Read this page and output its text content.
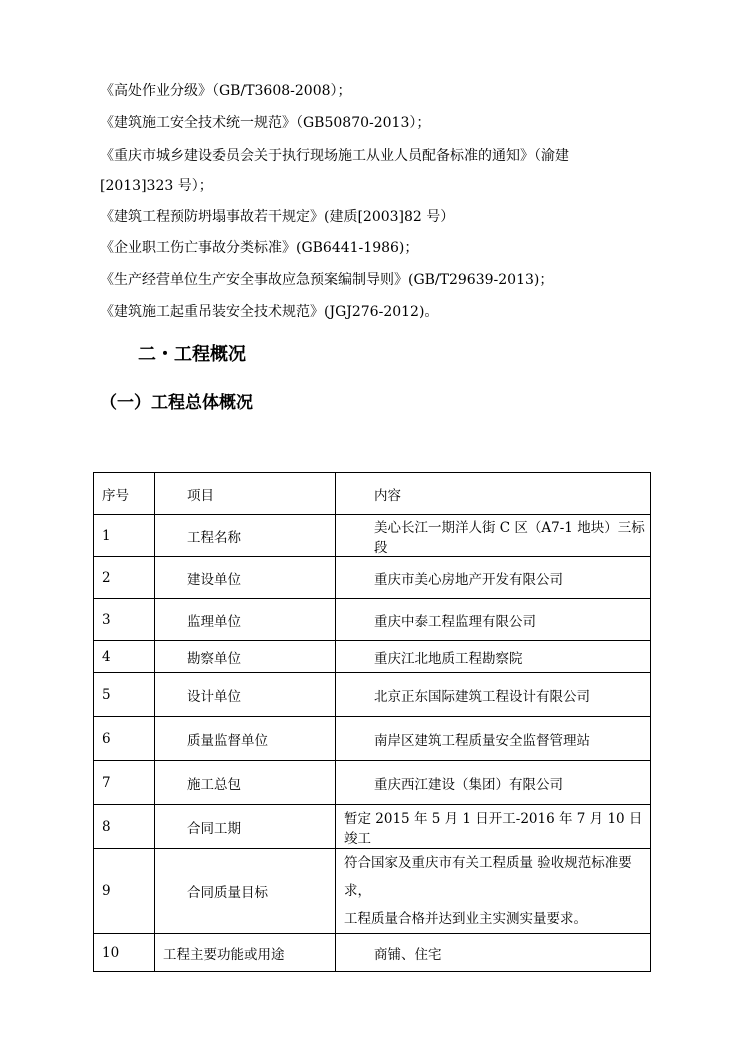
《高处作业分级》（GB/T3608-2008）；
《建筑施工安全技术统一规范》（GB50870-2013）；
《重庆市城乡建设委员会关于执行现场施工从业人员配备标准的通知》（渝建
[2013]323 号）；
《建筑工程预防坍塌事故若干规定》(建质[2003]82 号）
《企业职工伤亡事故分类标准》(GB6441-1986)；
《生产经营单位生产安全事故应急预案编制导则》(GB/T29639-2013)；
《建筑施工起重吊装安全技术规范》(JGJ276-2012)。
二・工程概况
（一）工程总体概况
序号	项目	内容
1	工程名称	美心长江一期洋人街 C 区（A7-1 地块）三标段
2	建设单位	重庆市美心房地产开发有限公司
3	监理单位	重庆中泰工程监理有限公司
4	勘察单位	重庆江北地质工程勘察院
5	设计单位	北京正东国际建筑工程设计有限公司
6	质量监督单位	南岸区建筑工程质量安全监督管理站
7	施工总包	重庆西江建设（集团）有限公司
8	合同工期	暂定 2015 年 5 月 1 日开工-2016 年 7 月 10 日竣工
9	合同质量目标	符合国家及重庆市有关工程质量 验收规范标准要求，
工程质量合格并达到业主实测实量要求。

10	工程主要功能或用途	商铺、住宅
